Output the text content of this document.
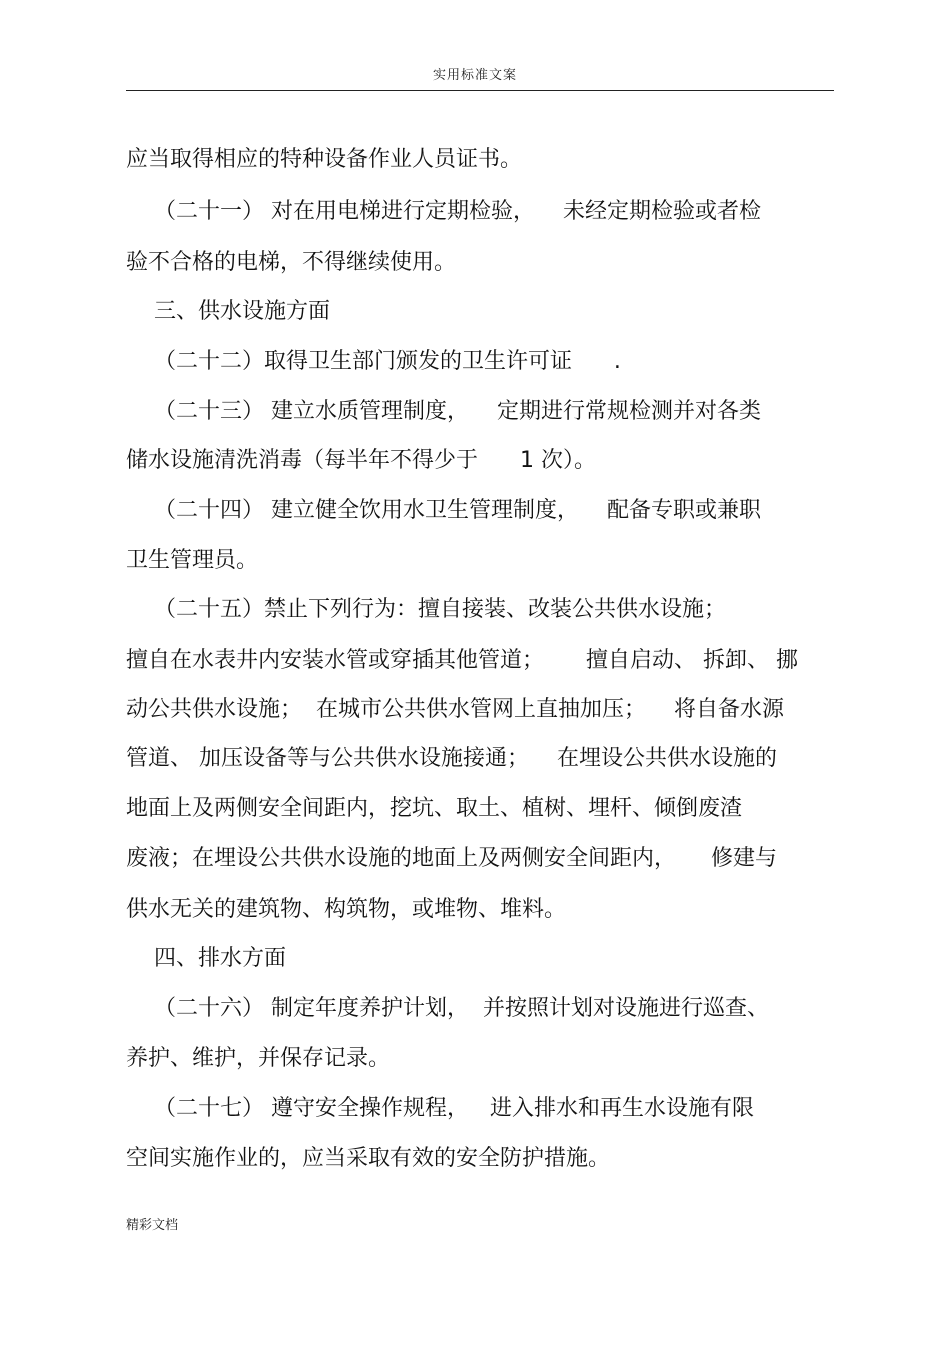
实用标准文案
应当取得相应的特种设备作业人员证书。
（二十一） 对在用电梯进行定期检验，    未经定期检验或者检
验不合格的电梯，不得继续使用。
三、供水设施方面
（二十二）取得卫生部门颁发的卫生许可证      .
（二十三） 建立水质管理制度，    定期进行常规检测并对各类
储水设施清洗消毒（每半年不得少于      1 次）。
（二十四） 建立健全饮用水卫生管理制度，    配备专职或兼职
卫生管理员。
（二十五）禁止下列行为：擅自接装、改装公共供水设施；
擅自在水表井内安装水管或穿插其他管道；      擅自启动、 拆卸、 挪
动公共供水设施；  在城市公共供水管网上直抽加压；    将自备水源
管道、 加压设备等与公共供水设施接通；    在埋设公共供水设施的
地面上及两侧安全间距内，挖坑、取土、植树、埋杆、倾倒废渣
废液；在埋设公共供水设施的地面上及两侧安全间距内，     修建与
供水无关的建筑物、构筑物，或堆物、堆料。
四、排水方面
（二十六） 制定年度养护计划，  并按照计划对设施进行巡查、
养护、维护，并保存记录。
（二十七） 遵守安全操作规程，   进入排水和再生水设施有限
空间实施作业的，应当采取有效的安全防护措施。
精彩文档
